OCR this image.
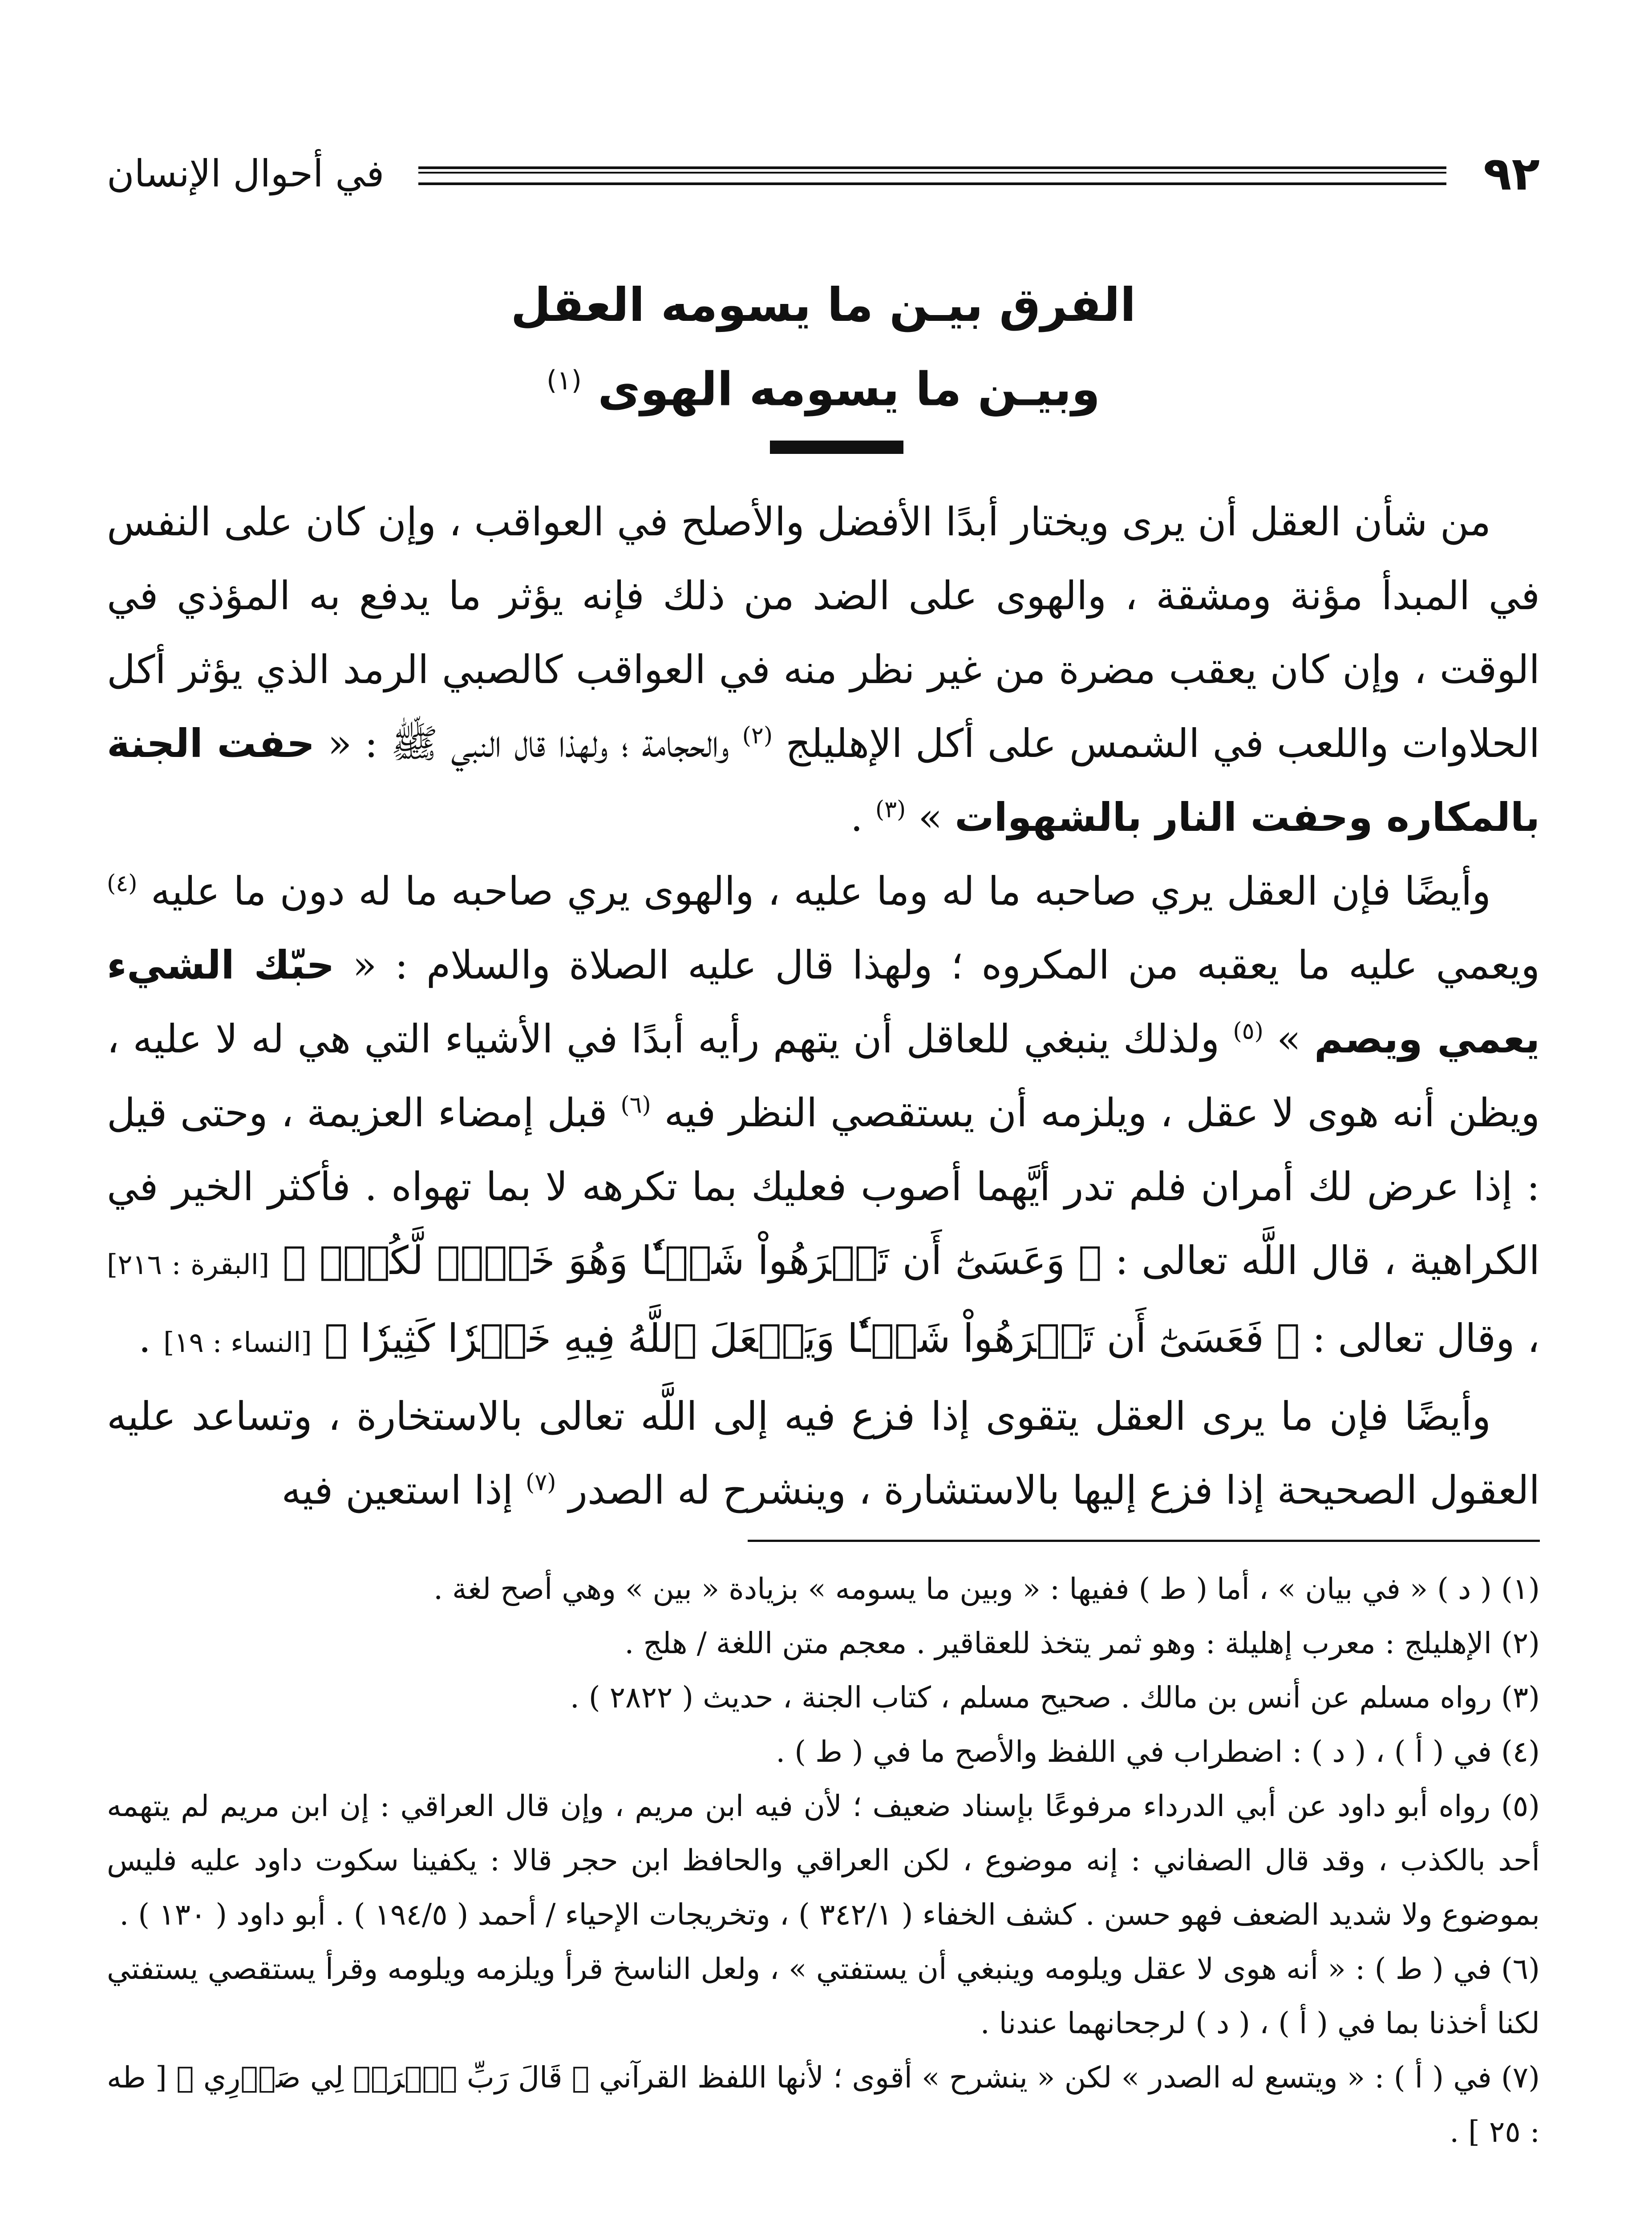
٩٢
في أحوال الإنسان
الفرق بيـن ما يسومه العقل
وبيـن ما يسومه الهوى $^{(١)}$

من شأن العقل أن يرى ويختار أبدًا الأفضل والأصلح في العواقب ، وإن كان على النفس في المبدأ مؤنة ومشقة ، والهوى على الضد من ذلك فإنه يؤثر ما يدفع به المؤذي في الوقت ، وإن كان يعقب مضرة من غير نظر منه في العواقب كالصبي الرمد الذي يؤثر أكل الحلاوات واللعب في الشمس على أكل الإهليلج $^{(٢)}$ والحجامة ؛ ولهذا قال النبي ﷺ : « حفت الجنة بالمكاره وحفت النار بالشهوات » $^{(٣)}$ .

وأيضًا فإن العقل يري صاحبه ما له وما عليه ، والهوى يري صاحبه ما له دون ما عليه $^{(٤)}$ ويعمي عليه ما يعقبه من المكروه ؛ ولهذا قال عليه الصلاة والسلام : « حبّك الشيء يعمي ويصم » $^{(٥)}$ ولذلك ينبغي للعاقل أن يتهم رأيه أبدًا في الأشياء التي هي له لا عليه ، ويظن أنه هوى لا عقل ، ويلزمه أن يستقصي النظر فيه $^{(٦)}$ قبل إمضاء العزيمة ، وحتى قيل : إذا عرض لك أمران فلم تدر أيَّهما أصوب فعليك بما تكرهه لا بما تهواه . فأكثر الخير في الكراهية ، قال اللَّه تعالى : ﴿ وَعَسَىٰٓ أَن تَكۡرَهُواْ شَيۡـٔٗا وَهُوَ خَيۡرٞ لَّكُمۡۖ ﴾ [البقرة : ٢١٦] ، وقال تعالى : ﴿ فَعَسَىٰٓ أَن تَكۡرَهُواْ شَيۡـٔٗا وَيَجۡعَلَ ٱللَّهُ فِيهِ خَيۡرٗا كَثِيرٗا ﴾ [النساء : ١٩] .

وأيضًا فإن ما يرى العقل يتقوى إذا فزع فيه إلى اللَّه تعالى بالاستخارة ، وتساعد عليه العقول الصحيحة إذا فزع إليها بالاستشارة ، وينشرح له الصدر $^{(٧)}$ إذا استعين فيه

(١) ( د ) « في بيان » ، أما ( ط ) ففيها : « وبين ما يسومه » بزيادة « بين » وهي أصح لغة .

(٢) الإهليلج : معرب إهليلة : وهو ثمر يتخذ للعقاقير . معجم متن اللغة / هلج .

(٣) رواه مسلم عن أنس بن مالك . صحيح مسلم ، كتاب الجنة ، حديث ( ٢٨٢٢ ) .

(٤) في ( أ ) ، ( د ) : اضطراب في اللفظ والأصح ما في ( ط ) .

(٥) رواه أبو داود عن أبي الدرداء مرفوعًا بإسناد ضعيف ؛ لأن فيه ابن مريم ، وإن قال العراقي : إن ابن مريم لم يتهمه أحد بالكذب ، وقد قال الصفاني : إنه موضوع ، لكن العراقي والحافظ ابن حجر قالا : يكفينا سكوت داود عليه فليس بموضوع ولا شديد الضعف فهو حسن . كشف الخفاء ( ٣٤٢/١ ) ، وتخريجات الإحياء / أحمد ( ١٩٤/٥ ) . أبو داود ( ١٣٠ ) .

(٦) في ( ط ) : « أنه هوى لا عقل ويلومه وينبغي أن يستفتي » ، ولعل الناسخ قرأ ويلزمه ويلومه وقرأ يستقصي يستفتي لكنا أخذنا بما في ( أ ) ، ( د ) لرجحانهما عندنا .

(٧) في ( أ ) : « ويتسع له الصدر » لكن « ينشرح » أقوى ؛ لأنها اللفظ القرآني ﴿ قَالَ رَبِّ ٱشۡرَحۡ لِي صَدۡرِي ﴾ [ طه : ٢٥ ] .
